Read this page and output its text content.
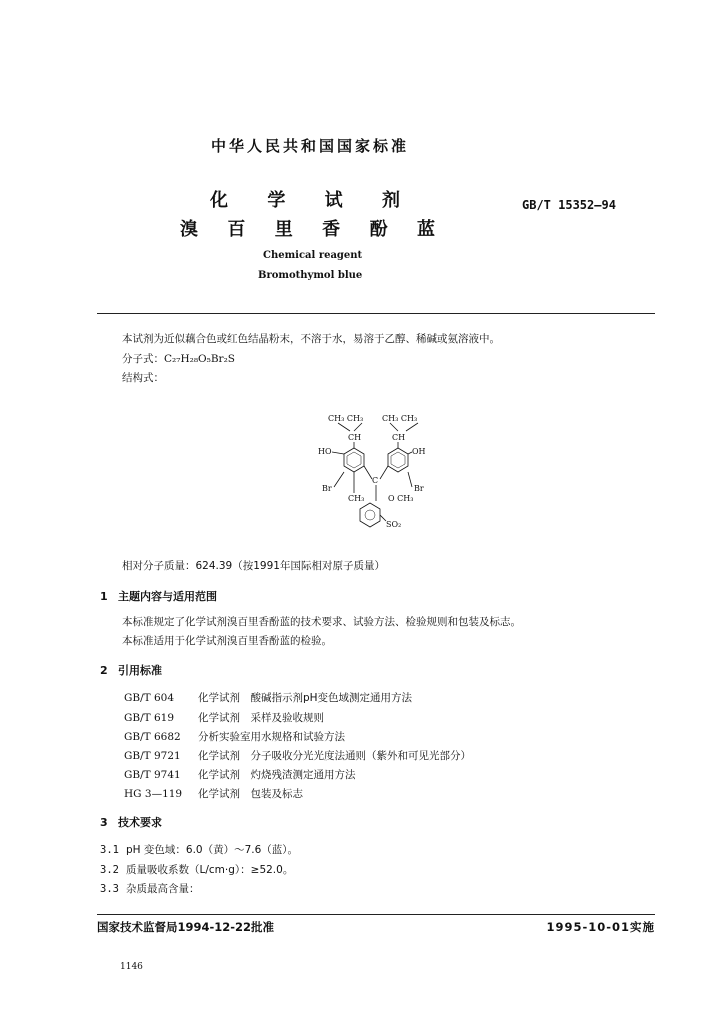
中华人民共和国国家标准
化 学 试 剂
溴 百 里 香 酚 蓝
GB/T 15352—94
Chemical reagent
Bromothymol blue
本试剂为近似藕合色或红色结晶粉末，不溶于水，易溶于乙醇、稀碱或氨溶液中。
分子式：C₂₇H₂₈O₅Br₂S
结构式：
CH₃ CH₃ CH₃ CH₃
CH	CH
HO	OH
Br	Br
C
CH₃	O CH₃
SO₂
相对分子质量：624.39（按1991年国际相对原子质量）
1 主题内容与适用范围
本标准规定了化学试剂溴百里香酚蓝的技术要求、试验方法、检验规则和包装及标志。
本标准适用于化学试剂溴百里香酚蓝的检验。
2 引用标准
GB/T 604 化学试剂　酸碱指示剂pH变色域测定通用方法
GB/T 619 化学试剂　采样及验收规则
GB/T 6682 分析实验室用水规格和试验方法
GB/T 9721 化学试剂　分子吸收分光光度法通则（紫外和可见光部分）
GB/T 9741 化学试剂　灼烧残渣测定通用方法
HG 3—119 化学试剂　包装及标志
3 技术要求
3.1 pH 变色域：6.0（黄）～7.6（蓝）。
3.2 质量吸收系数（L/cm·g）：≥52.0。
3.3 杂质最高含量：
国家技术监督局1994-12-22批准	1995-10-01实施
1146
